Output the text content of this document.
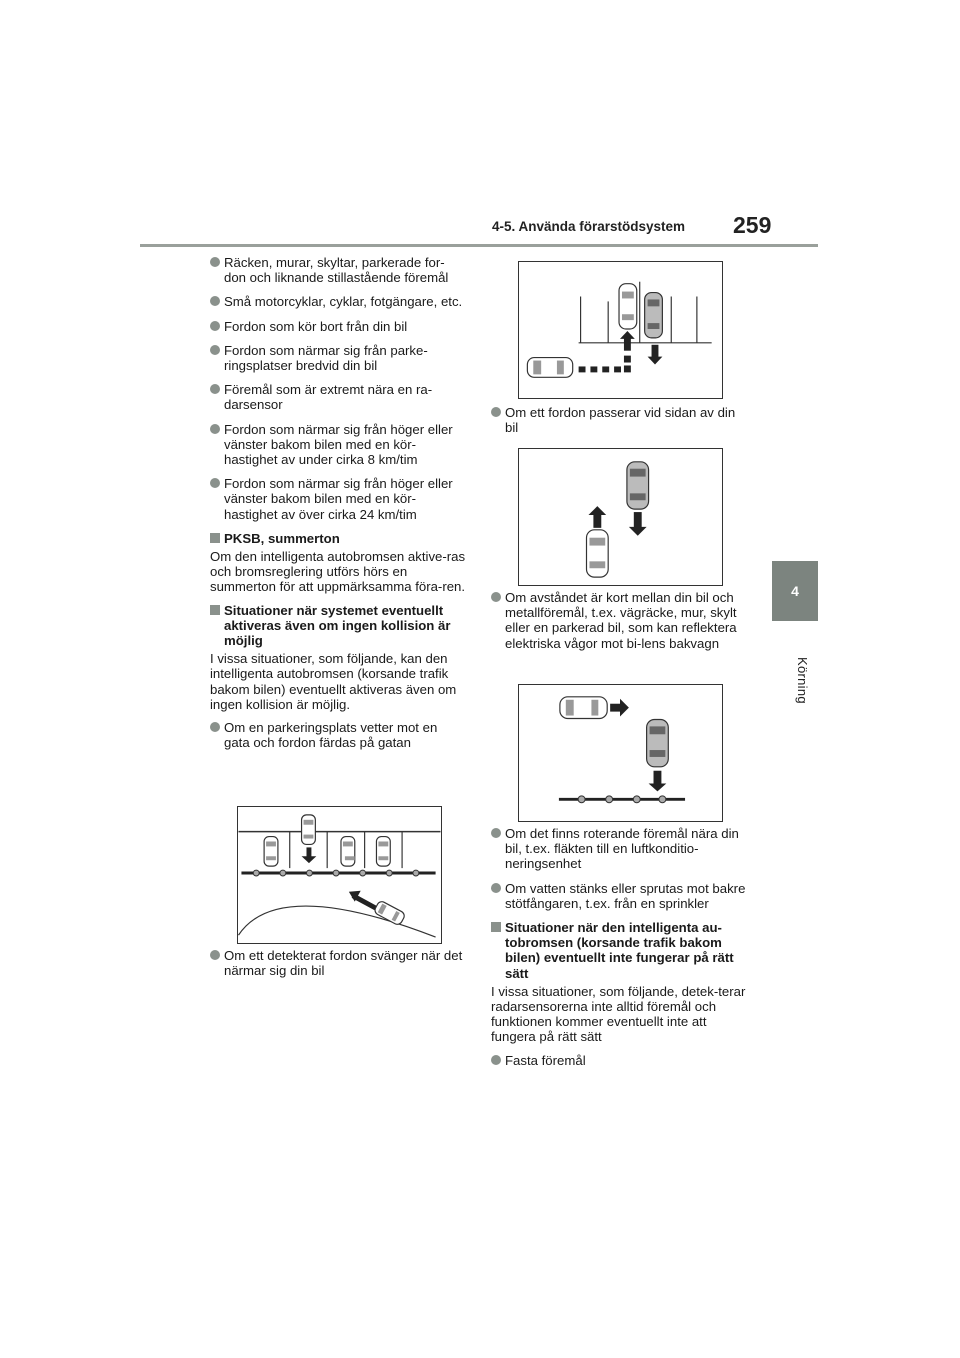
4-5. Använda förarstödsystem 259
4
Körning
Räcken, murar, skyltar, parkerade for-don och liknande stillastående föremål
Små motorcyklar, cyklar, fotgängare, etc.
Fordon som kör bort från din bil
Fordon som närmar sig från parke-ringsplatser bredvid din bil
Föremål som är extremt nära en ra-darsensor
Fordon som närmar sig från höger eller vänster bakom bilen med en kör-hastighet av under cirka 8 km/tim
Fordon som närmar sig från höger eller vänster bakom bilen med en kör-hastighet av över cirka 24 km/tim
PKSB, summerton
Om den intelligenta autobromsen aktive-ras och bromsreglering utförs hörs en summerton för att uppmärksamma föra-ren.
Situationer när systemet eventuellt aktiveras även om ingen kollision är möjlig
I vissa situationer, som följande, kan den intelligenta autobromsen (korsande trafik bakom bilen) eventuellt aktiveras även om ingen kollision är möjlig.
Om en parkeringsplats vetter mot en gata och fordon färdas på gatan
Om ett detekterat fordon svänger när det närmar sig din bil
Om ett fordon passerar vid sidan av din bil
Om avståndet är kort mellan din bil och metallföremål, t.ex. vägräcke, mur, skylt eller en parkerad bil, som kan reflektera elektriska vågor mot bi-lens bakvagn
Om det finns roterande föremål nära din bil, t.ex. fläkten till en luftkonditio-neringsenhet
Om vatten stänks eller sprutas mot bakre stötfångaren, t.ex. från en sprinkler
Situationer när den intelligenta au-tobromsen (korsande trafik bakom bilen) eventuellt inte fungerar på rätt sätt
I vissa situationer, som följande, detek-terar radarsensorerna inte alltid föremål och funktionen kommer eventuellt inte att fungera på rätt sätt
Fasta föremål
